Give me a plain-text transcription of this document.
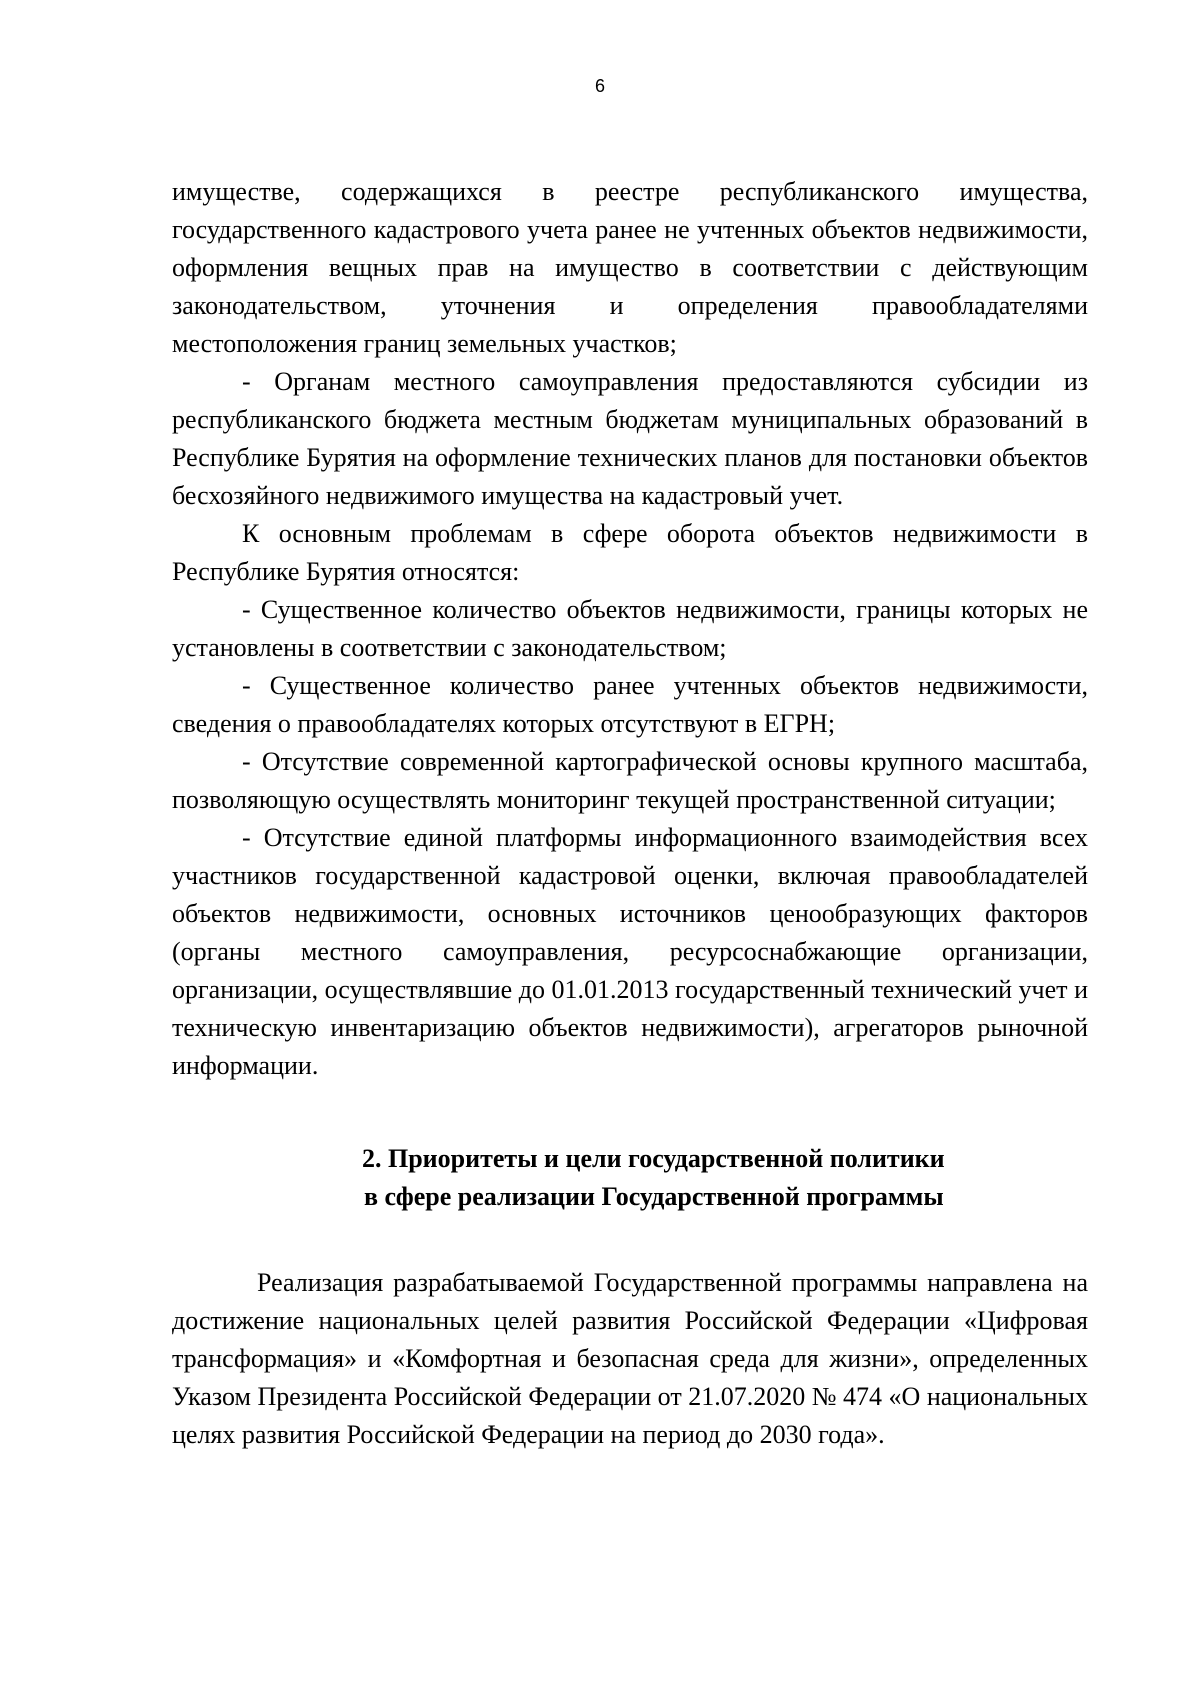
6

имуществе, содержащихся в реестре республиканского имущества, государственного кадастрового учета ранее не учтенных объектов недвижимости, оформления вещных прав на имущество в соответствии с действующим законодательством, уточнения и определения правообладателями местоположения границ земельных участков;

- Органам местного самоуправления предоставляются субсидии из республиканского бюджета местным бюджетам муниципальных образований в Республике Бурятия на оформление технических планов для постановки объектов бесхозяйного недвижимого имущества на кадастровый учет.

К основным проблемам в сфере оборота объектов недвижимости в Республике Бурятия относятся:

- Существенное количество объектов недвижимости, границы которых не установлены в соответствии с законодательством;

- Существенное количество ранее учтенных объектов недвижимости, сведения о правообладателях которых отсутствуют в ЕГРН;

- Отсутствие современной картографической основы крупного масштаба, позволяющую осуществлять мониторинг текущей пространственной ситуации;

- Отсутствие единой платформы информационного взаимодействия всех участников государственной кадастровой оценки, включая правообладателей объектов недвижимости, основных источников ценообразующих факторов (органы местного самоуправления, ресурсоснабжающие организации, организации, осуществлявшие до 01.01.2013 государственный технический учет и техническую инвентаризацию объектов недвижимости), агрегаторов рыночной информации.

2. Приоритеты и цели государственной политики
в сфере реализации Государственной программы

Реализация разрабатываемой Государственной программы направлена на достижение национальных целей развития Российской Федерации «Цифровая трансформация» и «Комфортная и безопасная среда для жизни», определенных Указом Президента Российской Федерации от 21.07.2020 № 474 «О национальных целях развития Российской Федерации на период до 2030 года».
